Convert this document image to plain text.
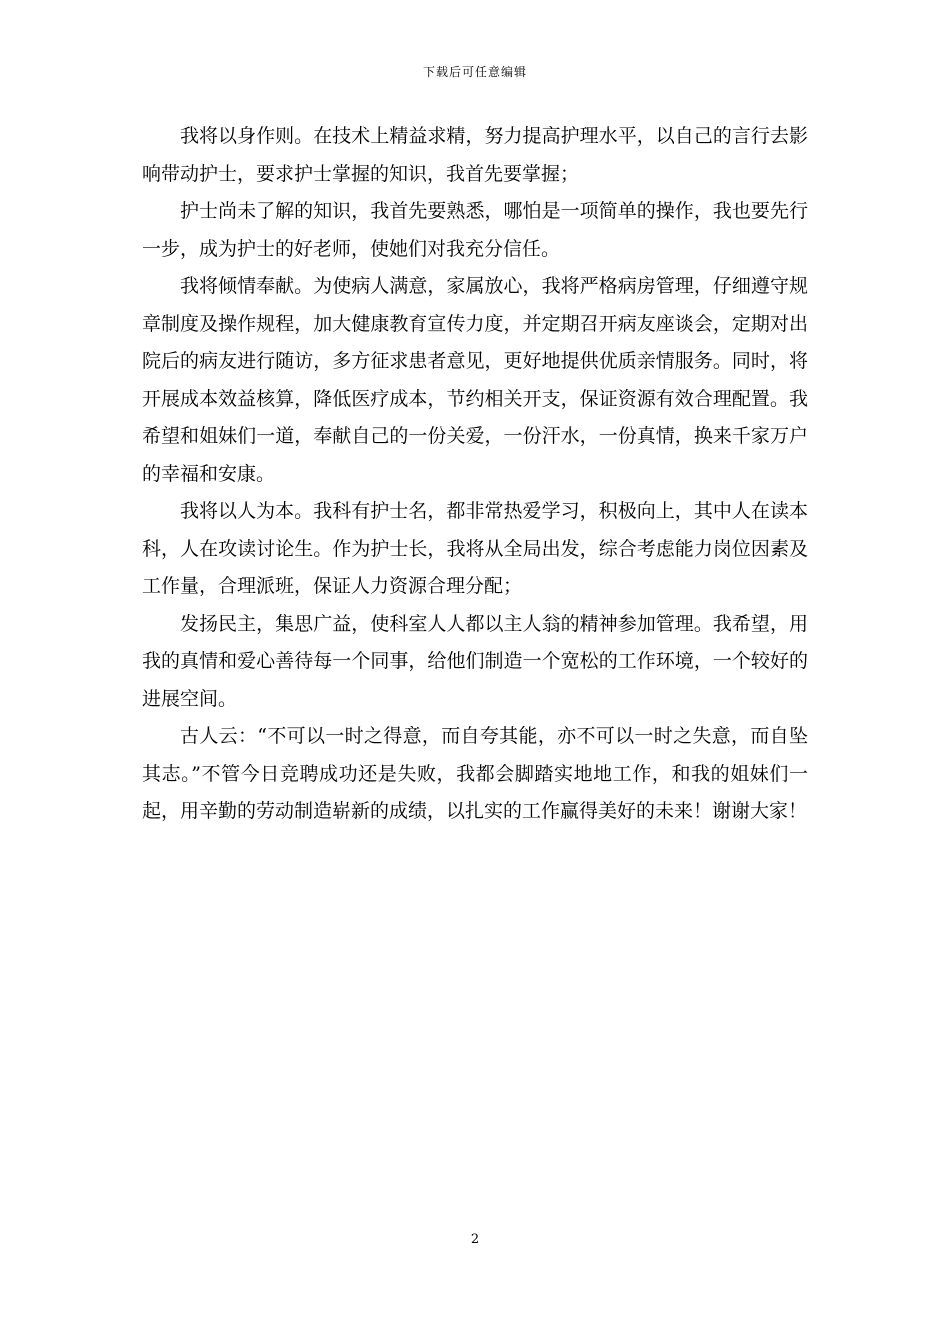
下载后可任意编辑

我将以身作则。在技术上精益求精，努力提高护理水平，以自己的言行去影响带动护士，要求护士掌握的知识，我首先要掌握；

护士尚未了解的知识，我首先要熟悉，哪怕是一项简单的操作，我也要先行一步，成为护士的好老师，使她们对我充分信任。

我将倾情奉献。为使病人满意，家属放心，我将严格病房管理，仔细遵守规章制度及操作规程，加大健康教育宣传力度，并定期召开病友座谈会，定期对出院后的病友进行随访，多方征求患者意见，更好地提供优质亲情服务。同时，将开展成本效益核算，降低医疗成本，节约相关开支，保证资源有效合理配置。我希望和姐妹们一道，奉献自己的一份关爱，一份汗水，一份真情，换来千家万户的幸福和安康。

我将以人为本。我科有护士名，都非常热爱学习，积极向上，其中人在读本科，人在攻读讨论生。作为护士长，我将从全局出发，综合考虑能力岗位因素及工作量，合理派班，保证人力资源合理分配；

发扬民主，集思广益，使科室人人都以主人翁的精神参加管理。我希望，用我的真情和爱心善待每一个同事，给他们制造一个宽松的工作环境，一个较好的进展空间。

古人云：“不可以一时之得意，而自夸其能，亦不可以一时之失意，而自坠其志。”不管今日竞聘成功还是失败，我都会脚踏实地地工作，和我的姐妹们一起，用辛勤的劳动制造崭新的成绩，以扎实的工作赢得美好的未来！谢谢大家！

2
